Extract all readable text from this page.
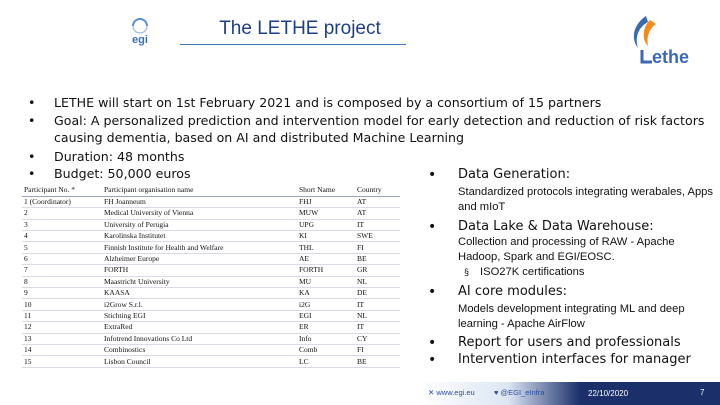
egi
The LETHE project
ethe
• LETHE will start on 1st February 2021 and is composed by a consortium of 15 partners
• Goal: A personalized prediction and intervention model for early detection and reduction of risk factors causing dementia, based on AI and distributed Machine Learning
• Duration: 48 months
• Budget: 50,000 euros
Participant No. *	Participant organisation name	Short Name	Country
1 (Coordinator)	FH Joanneum	FHJ	AT
2	Medical University of Vienna	MUW	AT
3	University of Perugia	UPG	IT
4	Karolinska Institutet	KI	SWE
5	Finnish Institute for Health and Welfare	THL	FI
6	Alzheimer Europe	AE	BE
7	FORTH	FORTH	GR
8	Maastricht University	MU	NL
9	KAASA	KA	DE
10	i2Grow S.r.l.	i2G	IT
11	Stichting EGI	EGI	NL
12	ExtraRed	ER	IT
13	Infotrend Innovations Co Ltd	Info	CY
14	Combinostics	Comb	FI
15	Lisbon Council	LC	BE
• Data Generation:
Standardized protocols integrating werabales, Apps and mIoT
• Data Lake & Data Warehouse:
Collection and processing of RAW - Apache Hadoop, Spark and EGI/EOSC.
§ ISO27K certifications
• AI core modules:
Models development integrating ML and deep learning - Apache AirFlow
• Report for users and professionals
• Intervention interfaces for manager
✕ www.egi.eu	♥ @EGI_eInfra	22/10/2020	7
